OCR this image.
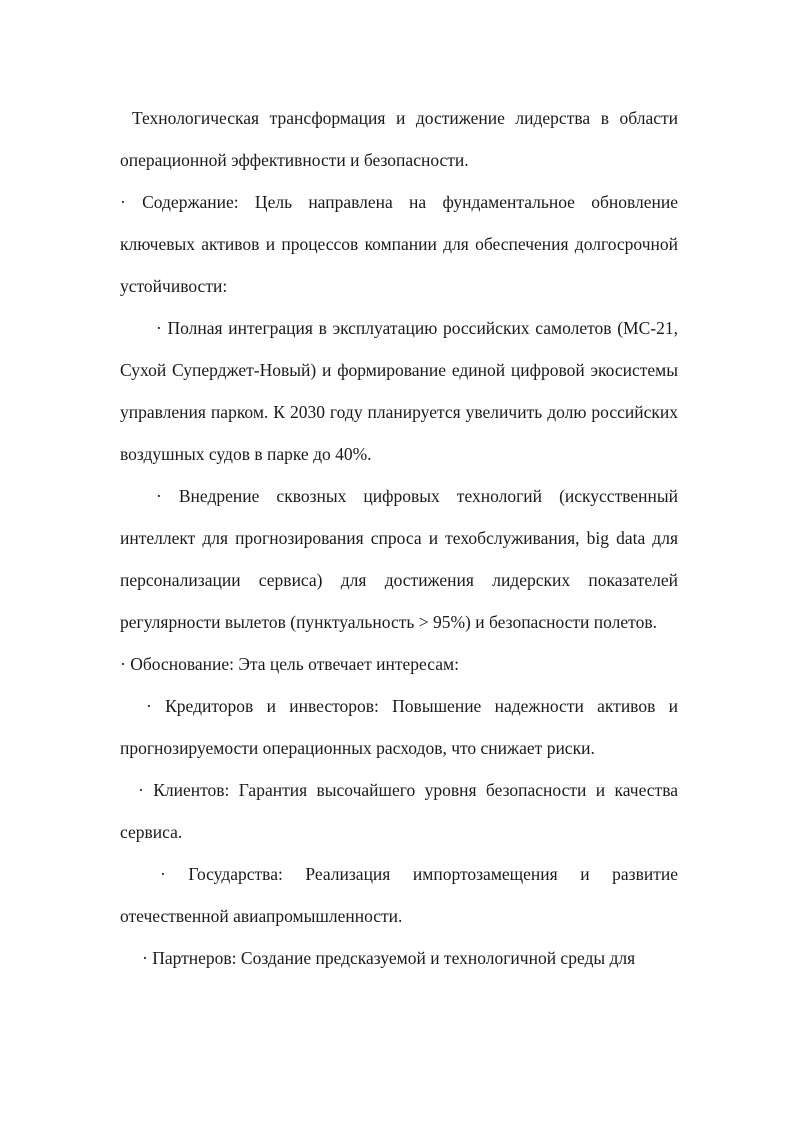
Технологическая трансформация и достижение лидерства в области операционной эффективности и безопасности.

· Содержание: Цель направлена на фундаментальное обновление ключевых активов и процессов компании для обеспечения долгосрочной устойчивости:

· Полная интеграция в эксплуатацию российских самолетов (МС-21, Сухой Суперджет-Новый) и формирование единой цифровой экосистемы управления парком. К 2030 году планируется увеличить долю российских воздушных судов в парке до 40%.

· Внедрение сквозных цифровых технологий (искусственный интеллект для прогнозирования спроса и техобслуживания, big data для персонализации сервиса) для достижения лидерских показателей регулярности вылетов (пунктуальность > 95%) и безопасности полетов.

· Обоснование: Эта цель отвечает интересам:

· Кредиторов и инвесторов: Повышение надежности активов и прогнозируемости операционных расходов, что снижает риски.

· Клиентов: Гарантия высочайшего уровня безопасности и качества сервиса.

· Государства: Реализация импортозамещения и развитие отечественной авиапромышленности.

· Партнеров: Создание предсказуемой и технологичной среды для
